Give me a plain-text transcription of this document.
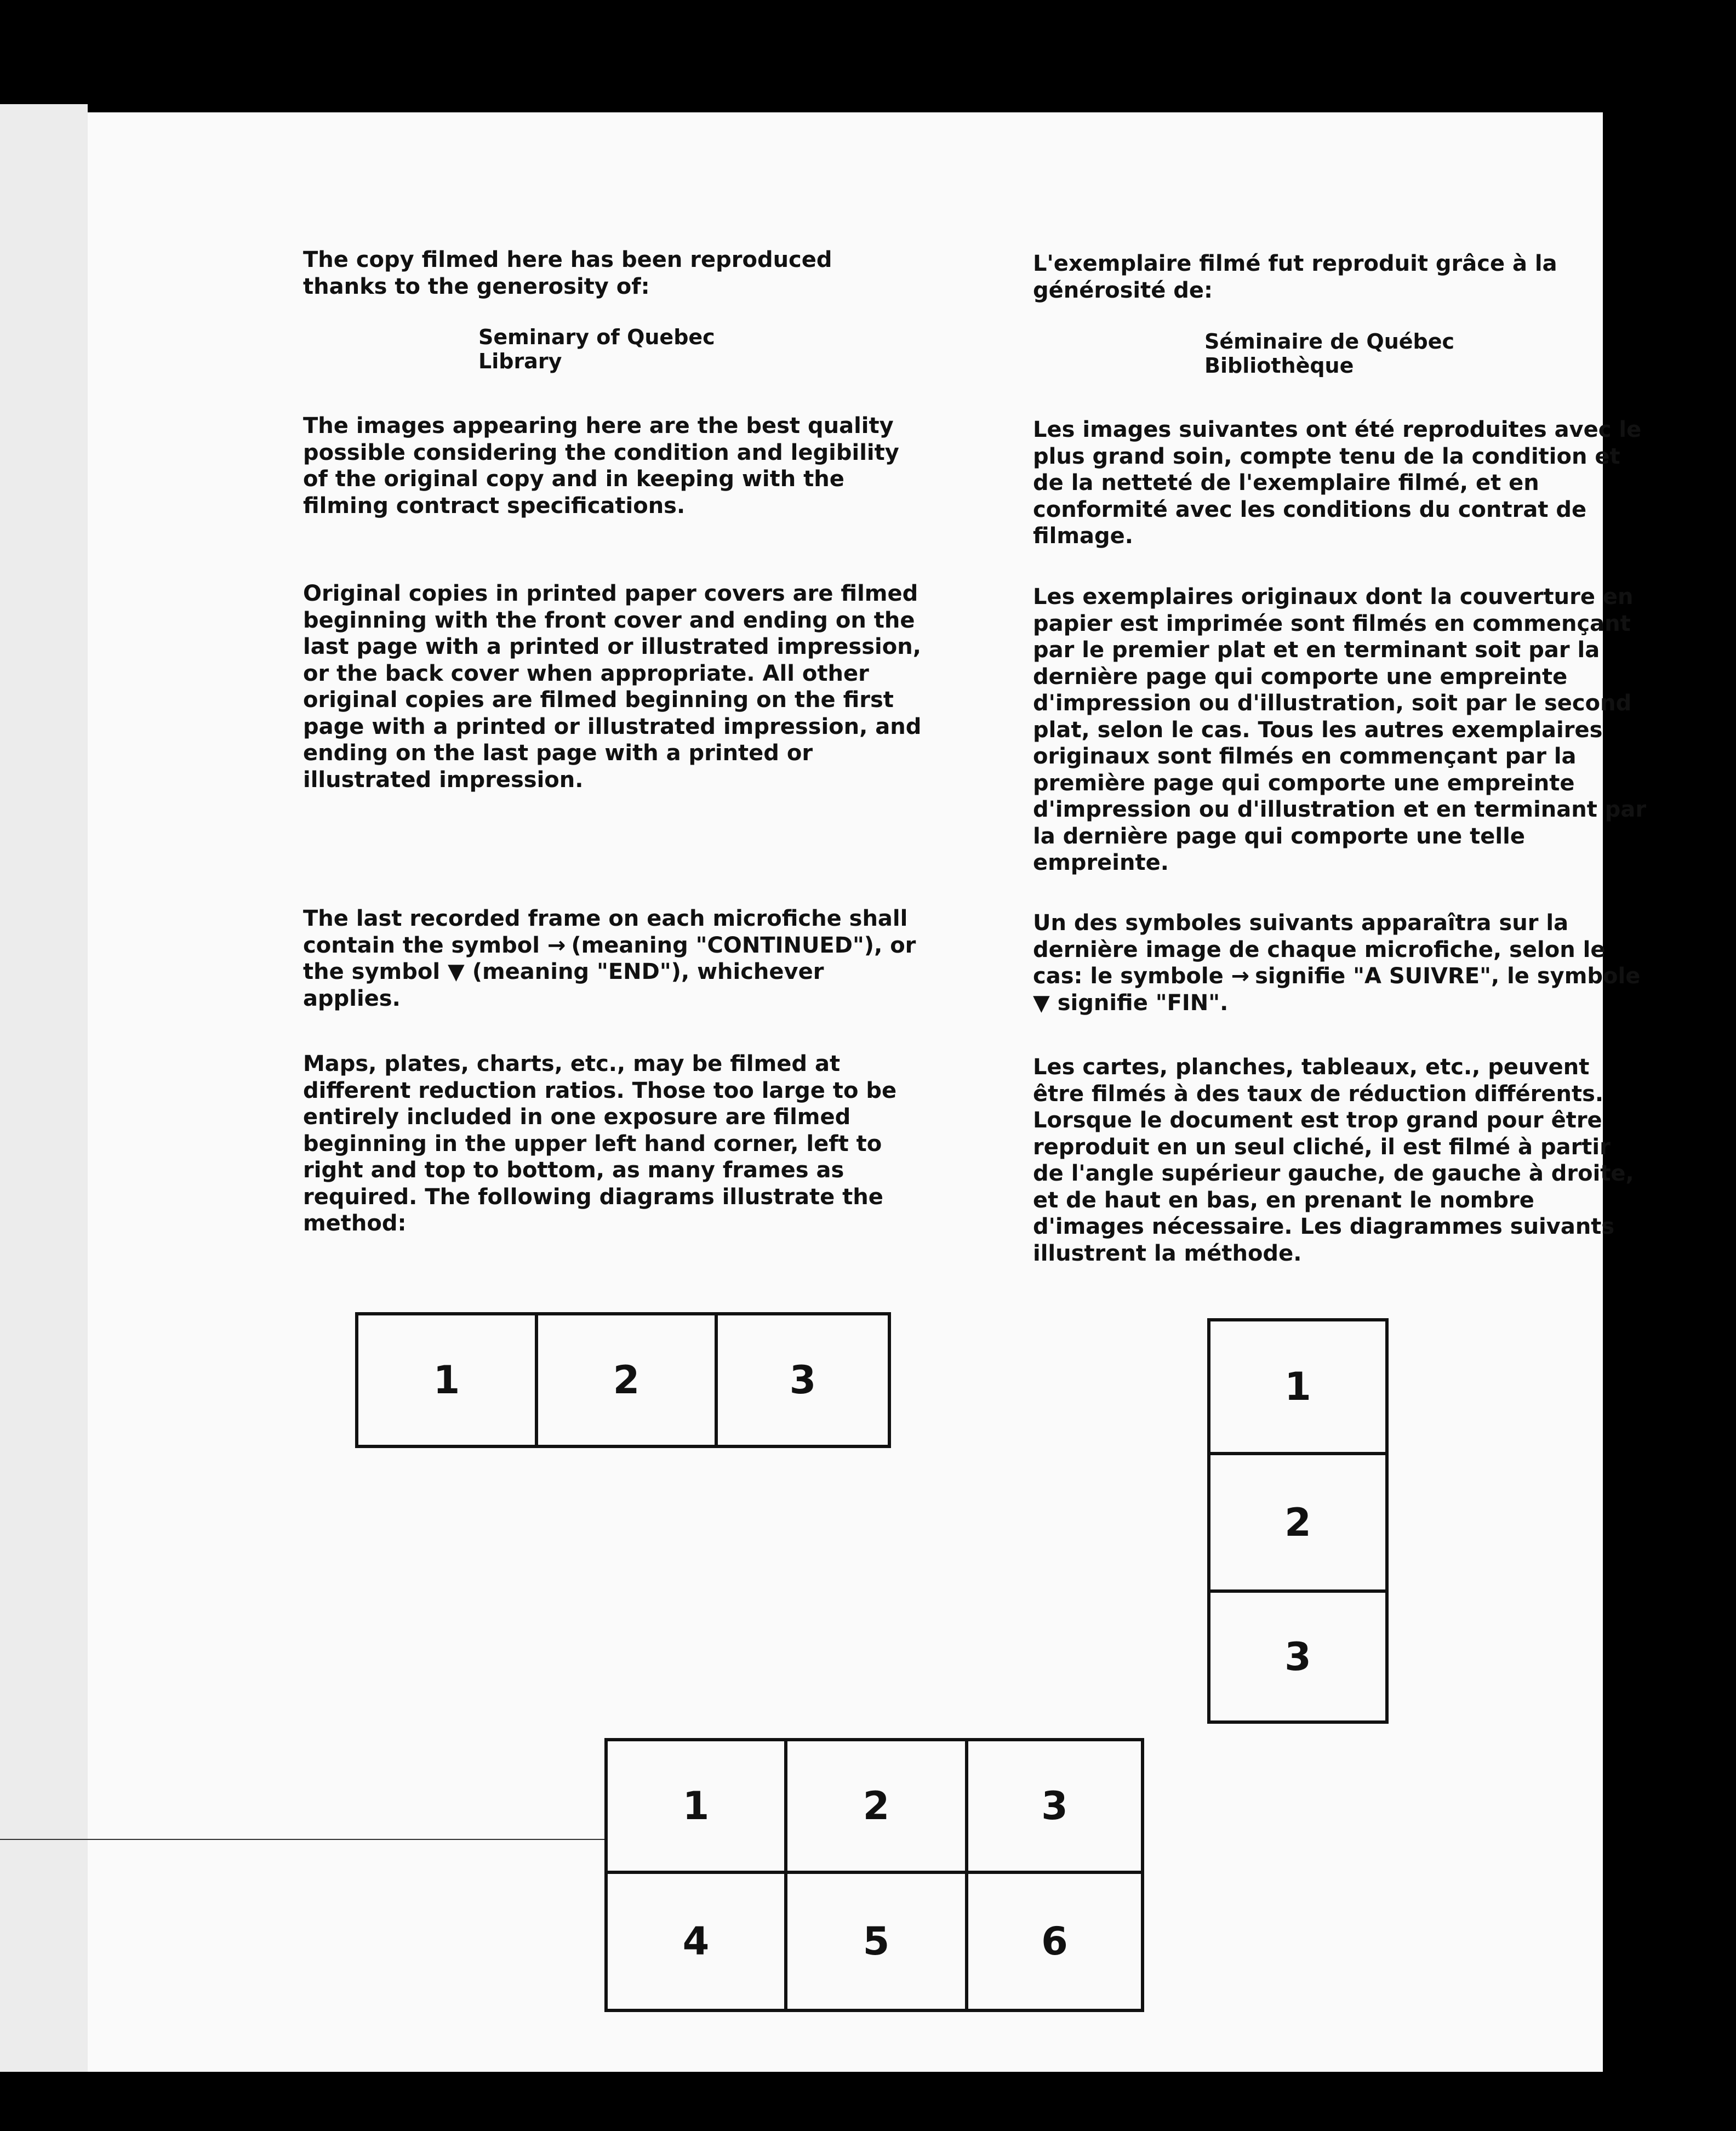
The copy filmed here has been reproduced thanks to the generosity of:

Seminary of Quebec
Library

The images appearing here are the best quality possible considering the condition and legibility of the original copy and in keeping with the filming contract specifications.

Original copies in printed paper covers are filmed beginning with the front cover and ending on the last page with a printed or illustrated impression, or the back cover when appropriate. All other original copies are filmed beginning on the first page with a printed or illustrated impression, and ending on the last page with a printed or illustrated impression.

The last recorded frame on each microfiche shall contain the symbol → (meaning "CONTINUED"), or the symbol ▼ (meaning "END"), whichever applies.

Maps, plates, charts, etc., may be filmed at different reduction ratios. Those too large to be entirely included in one exposure are filmed beginning in the upper left hand corner, left to right and top to bottom, as many frames as required. The following diagrams illustrate the method:

L'exemplaire filmé fut reproduit grâce à la générosité de:

Séminaire de Québec
Bibliothèque

Les images suivantes ont été reproduites avec le plus grand soin, compte tenu de la condition et de la netteté de l'exemplaire filmé, et en conformité avec les conditions du contrat de filmage.

Les exemplaires originaux dont la couverture en papier est imprimée sont filmés en commençant par le premier plat et en terminant soit par la dernière page qui comporte une empreinte d'impression ou d'illustration, soit par le second plat, selon le cas. Tous les autres exemplaires originaux sont filmés en commençant par la première page qui comporte une empreinte d'impression ou d'illustration et en terminant par la dernière page qui comporte une telle empreinte.

Un des symboles suivants apparaîtra sur la dernière image de chaque microfiche, selon le cas: le symbole → signifie "A SUIVRE", le symbole ▼ signifie "FIN".

Les cartes, planches, tableaux, etc., peuvent être filmés à des taux de réduction différents. Lorsque le document est trop grand pour être reproduit en un seul cliché, il est filmé à partir de l'angle supérieur gauche, de gauche à droite, et de haut en bas, en prenant le nombre d'images nécessaire. Les diagrammes suivants illustrent la méthode.

1	2	3	1
2
3
1	2	3
4	5	6
